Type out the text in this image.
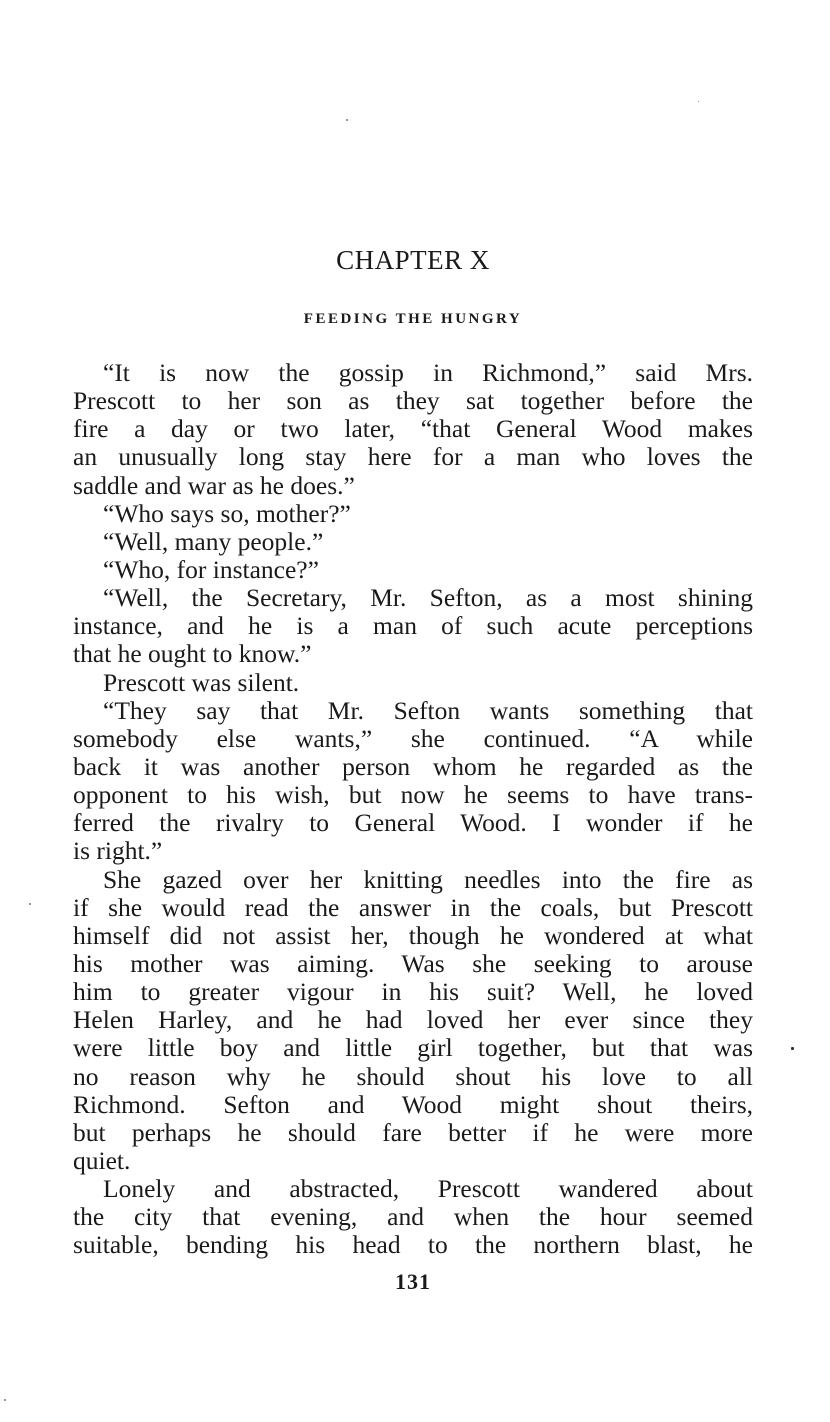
CHAPTER X
FEEDING THE HUNGRY
“It is now the gossip in Richmond,” said Mrs.
Prescott to her son as they sat together before the
fire a day or two later, “that General Wood makes
an unusually long stay here for a man who loves the
saddle and war as he does.”
“Who says so, mother?”
“Well, many people.”
“Who, for instance?”
“Well, the Secretary, Mr. Sefton, as a most shining
instance, and he is a man of such acute perceptions
that he ought to know.”
Prescott was silent.
“They say that Mr. Sefton wants something that
somebody else wants,” she continued. “A while
back it was another person whom he regarded as the
opponent to his wish, but now he seems to have trans-
ferred the rivalry to General Wood. I wonder if he
is right.”
She gazed over her knitting needles into the fire as
if she would read the answer in the coals, but Prescott
himself did not assist her, though he wondered at what
his mother was aiming. Was she seeking to arouse
him to greater vigour in his suit? Well, he loved
Helen Harley, and he had loved her ever since they
were little boy and little girl together, but that was
no reason why he should shout his love to all
Richmond. Sefton and Wood might shout theirs,
but perhaps he should fare better if he were more
quiet.
Lonely and abstracted, Prescott wandered about
the city that evening, and when the hour seemed
suitable, bending his head to the northern blast, he
131
